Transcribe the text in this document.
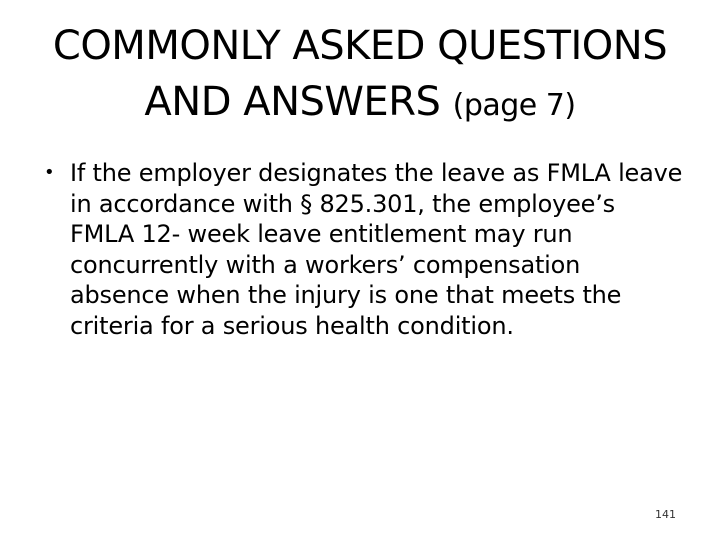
COMMONLY ASKED QUESTIONS
AND ANSWERS (page 7)
• If the employer designates the leave as FMLA leave in accordance with § 825.301, the employee’s FMLA 12- week leave entitlement may run concurrently with a workers’ compensation absence when the injury is one that meets the criteria for a serious health condition.
141
